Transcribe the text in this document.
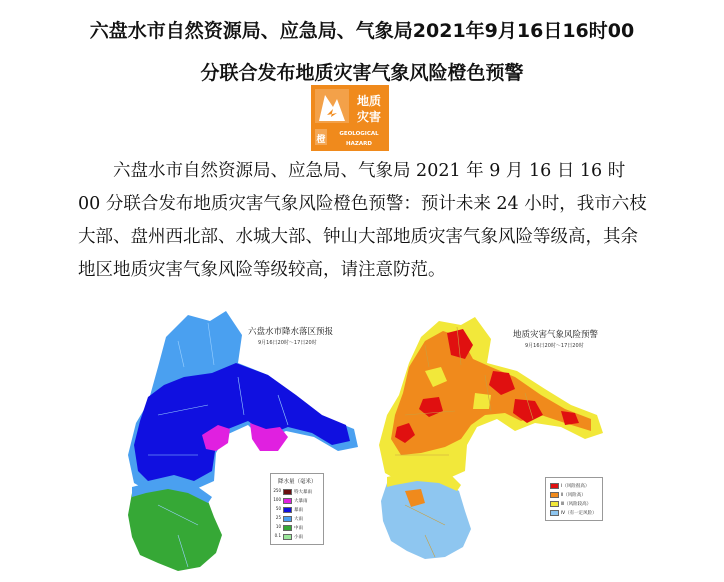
六盘水市自然资源局、应急局、气象局2021年9月16日16时00
分联合发布地质灾害气象风险橙色预警
地质
灾害
橙
GEOLOGICAL
HAZARD
六盘水市自然资源局、应急局、气象局 2021 年 9 月 16 日 16 时 00 分联合发布地质灾害气象风险橙色预警：预计未来 24 小时，我市六枝大部、盘州西北部、水城大部、钟山大部地质灾害气象风险等级高，其余地区地质灾害气象风险等级较高，请注意防范。
六盘水市降水落区预报
9月16日20时～17日20时
降水量（毫米）
250	特大暴雨
100	大暴雨
50	暴雨
25	大雨
10	中雨
0.1	小雨
地质灾害气象风险预警
9月16日20时～17日20时
Ⅰ（风险很高）
Ⅱ（风险高）
Ⅲ（风险较高）
Ⅳ（有一定风险）
